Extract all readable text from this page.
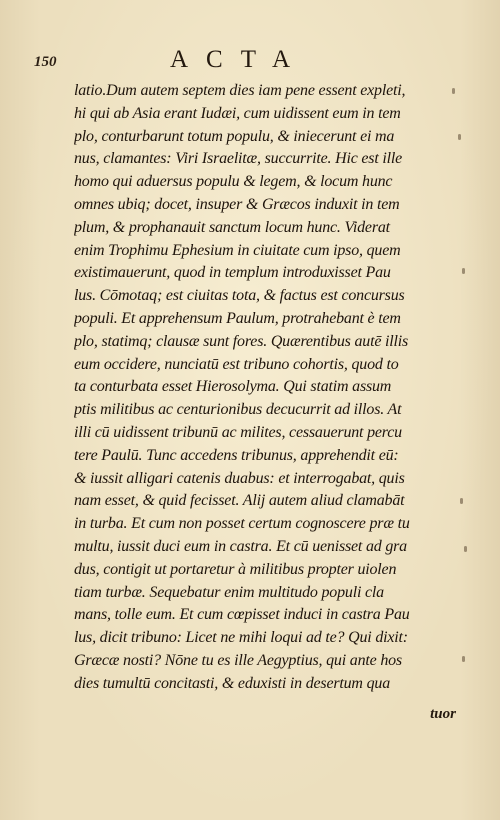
150	ACTA
latio.Dum autem septem dies iam pene essent expleti,
hi qui ab Asia erant Iudæi, cum uidissent eum in tem
plo, conturbarunt totum populu, & iniecerunt ei ma
nus, clamantes: Viri Israelitæ, succurrite. Hic est ille
homo qui aduersus populu & legem, & locum hunc
omnes ubiq; docet, insuper & Græcos induxit in tem
plum, & prophanauit sanctum locum hunc. Viderat
enim Trophimu Ephesium in ciuitate cum ipso, quem
existimauerunt, quod in templum introduxisset Pau
lus. Cōmotaq; est ciuitas tota, & factus est concursus
populi. Et apprehensum Paulum, protrahebant è tem
plo, statimq; clausæ sunt fores. Quærentibus autē illis
eum occidere, nunciatū est tribuno cohortis, quod to
ta conturbata esset Hierosolyma. Qui statim assum
ptis militibus ac centurionibus decucurrit ad illos. At
illi cū uidissent tribunū ac milites, cessauerunt percu
tere Paulū. Tunc accedens tribunus, apprehendit eū:
& iussit alligari catenis duabus: et interrogabat, quis
nam esset, & quid fecisset. Alij autem aliud clamabāt
in turba. Et cum non posset certum cognoscere præ tu
multu, iussit duci eum in castra. Et cū uenisset ad gra
dus, contigit ut portaretur à militibus propter uiolen
tiam turbæ. Sequebatur enim multitudo populi cla
mans, tolle eum. Et cum cœpisset induci in castra Pau
lus, dicit tribuno: Licet ne mihi loqui ad te? Qui dixit:
Græcæ nosti? Nōne tu es ille Aegyptius, qui ante hos
dies tumultū concitasti, & eduxisti in desertum qua
tuor
